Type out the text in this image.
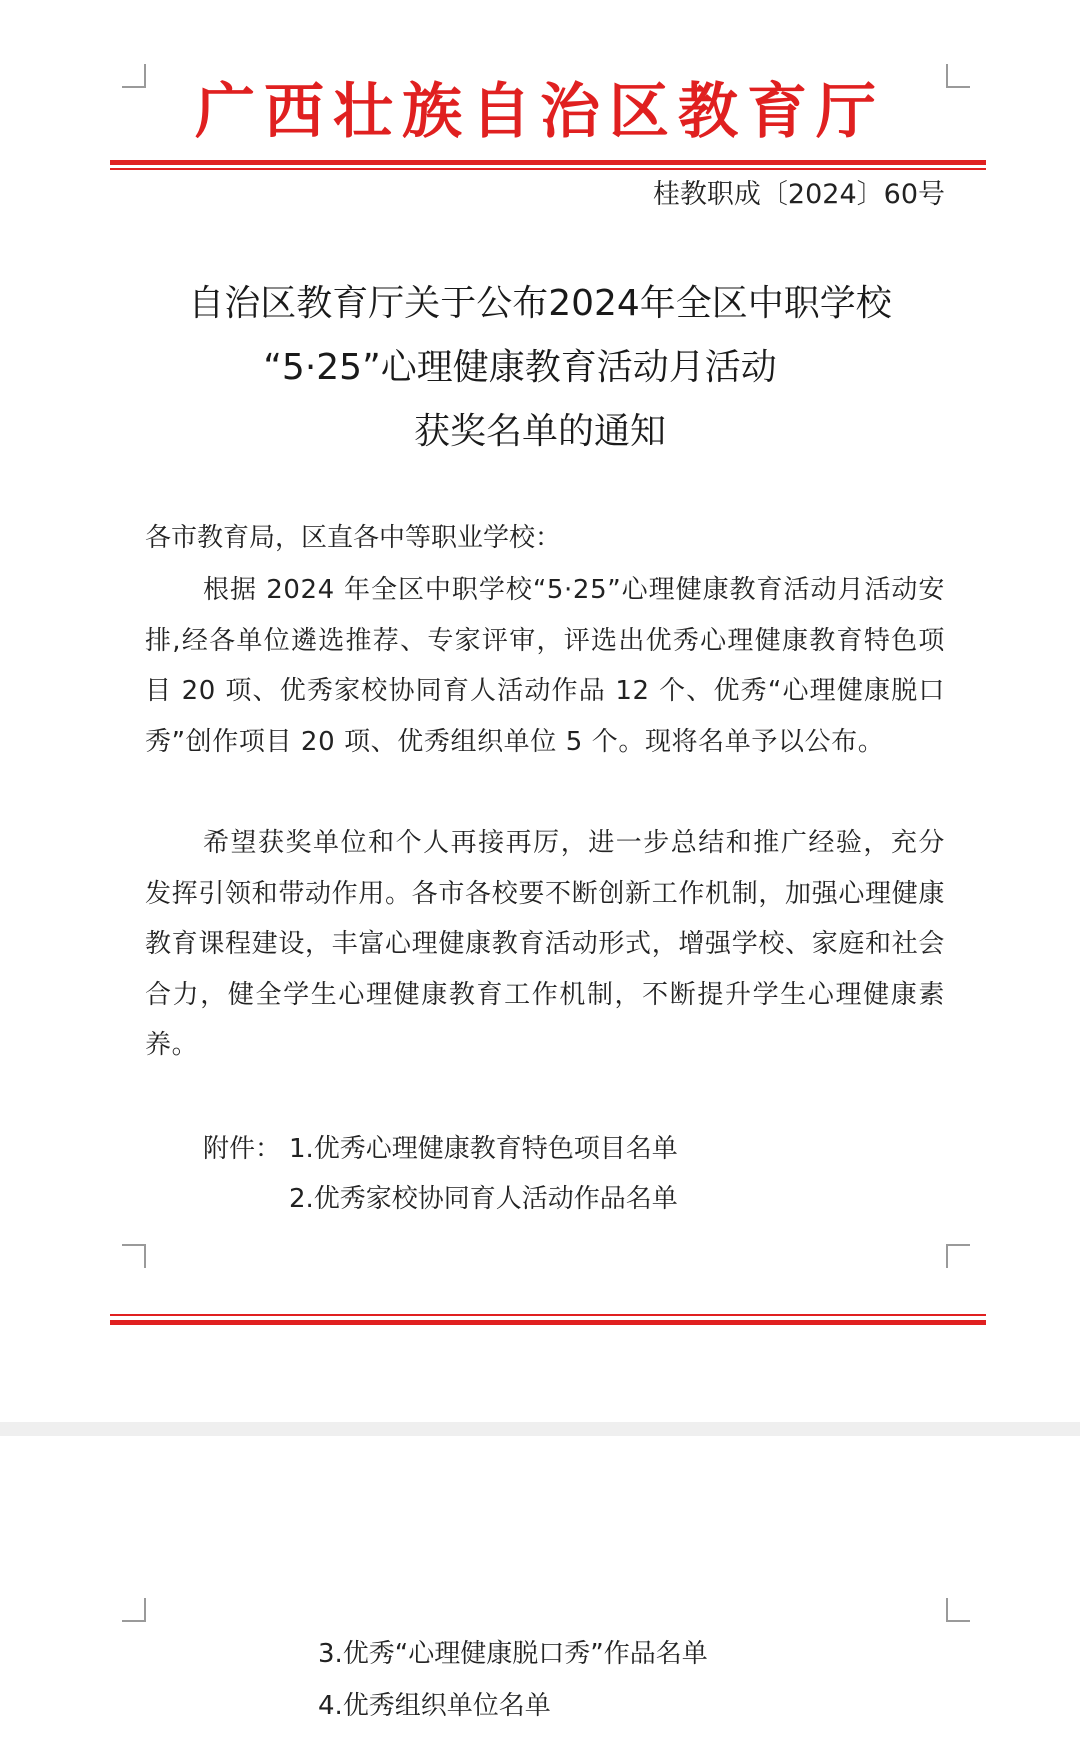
广西壮族自治区教育厅
桂教职成〔2024〕60号
自治区教育厅关于公布2024年全区中职学校
“5·25”心理健康教育活动月活动
获奖名单的通知
各市教育局，区直各中等职业学校：
根据 2024 年全区中职学校“5·25”心理健康教育活动月活动安排,经各单位遴选推荐、专家评审，评选出优秀心理健康教育特色项目 20 项、优秀家校协同育人活动作品 12 个、优秀“心理健康脱口秀”创作项目 20 项、优秀组织单位 5 个。现将名单予以公布。
希望获奖单位和个人再接再厉，进一步总结和推广经验，充分发挥引领和带动作用。各市各校要不断创新工作机制，加强心理健康教育课程建设，丰富心理健康教育活动形式，增强学校、家庭和社会合力，健全学生心理健康教育工作机制，不断提升学生心理健康素养。
附件： 1.优秀心理健康教育特色项目名单
2.优秀家校协同育人活动作品名单
3.优秀“心理健康脱口秀”作品名单
4.优秀组织单位名单
